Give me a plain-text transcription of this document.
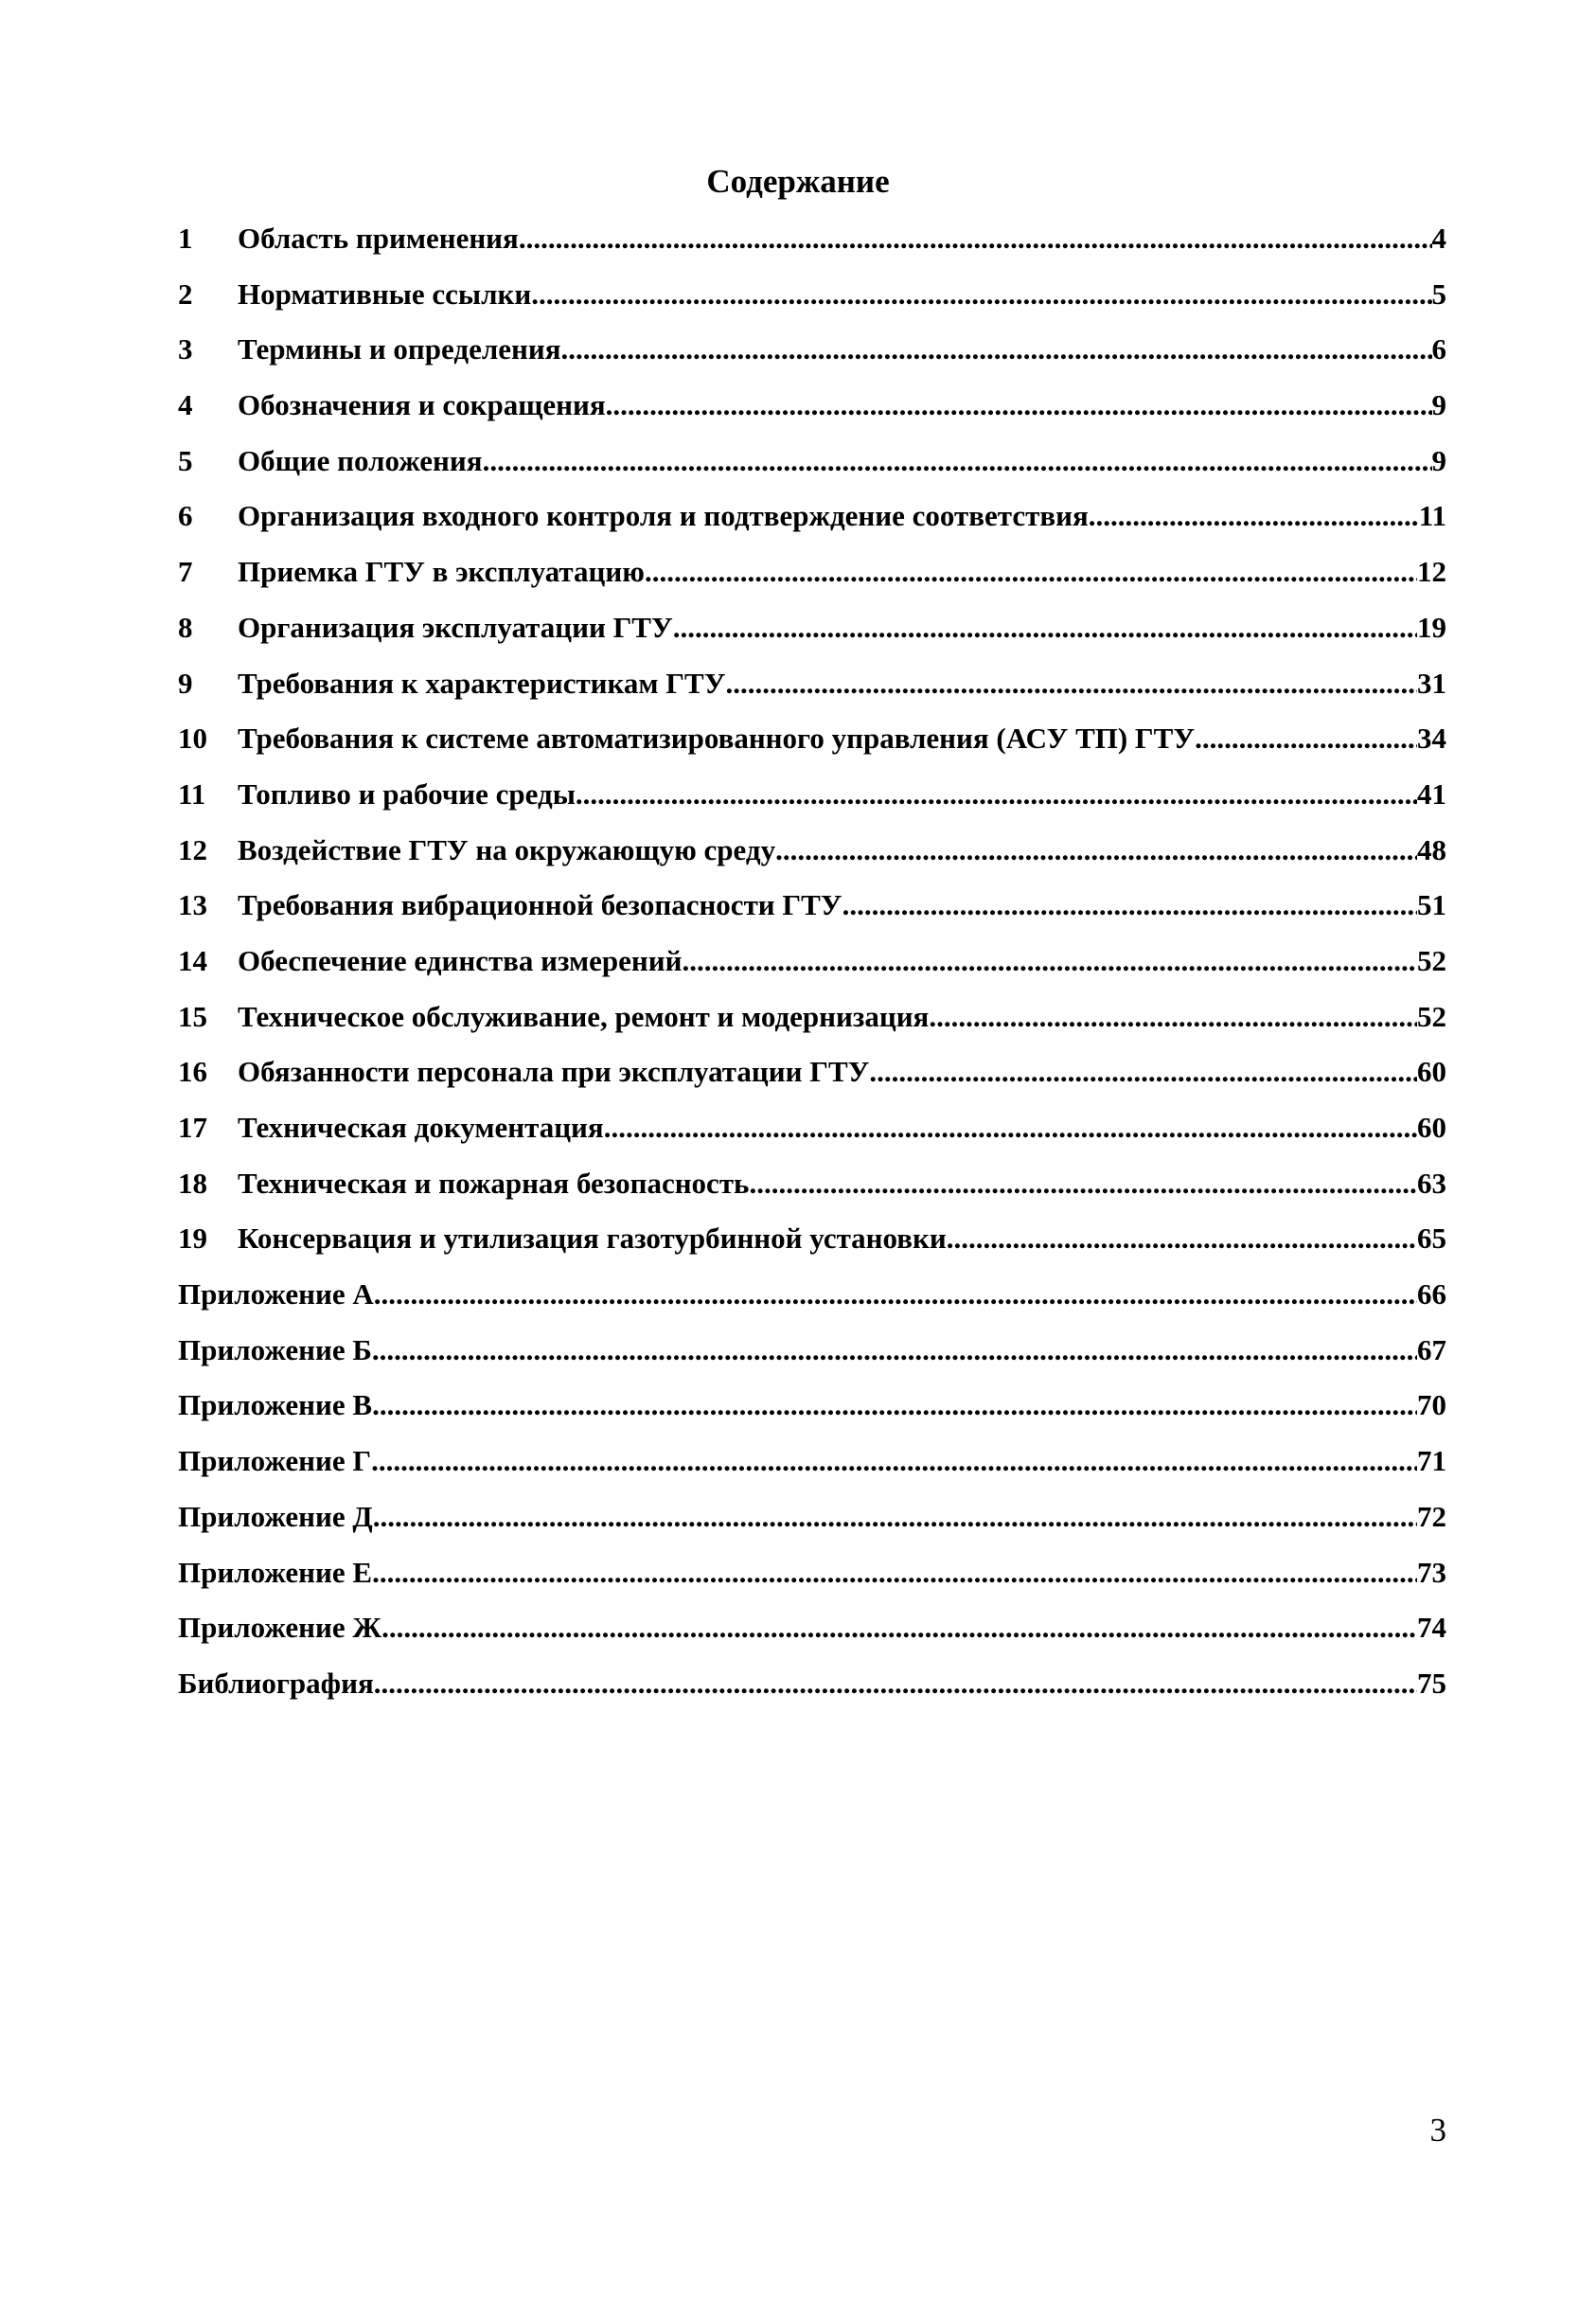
Содержание
1	Область применения .....	4
2	Нормативные ссылки .....	5
3	Термины и определения .....	6
4	Обозначения и сокращения .....	9
5	Общие положения .....	9
6	Организация входного контроля и подтверждение соответствия .....	11
7	Приемка ГТУ в эксплуатацию .....	12
8	Организация эксплуатации ГТУ .....	19
9	Требования к характеристикам ГТУ .....	31
10	Требования к системе автоматизированного управления (АСУ ТП) ГТУ .....	34
11	Топливо и рабочие среды .....	41
12	Воздействие ГТУ на окружающую среду .....	48
13	Требования вибрационной безопасности ГТУ .....	51
14	Обеспечение единства измерений .....	52
15	Техническое обслуживание, ремонт и модернизация .....	52
16	Обязанности персонала при эксплуатации ГТУ .....	60
17	Техническая документация .....	60
18	Техническая и пожарная безопасность .....	63
19	Консервация и утилизация газотурбинной установки .....	65
Приложение А .....	66
Приложение Б .....	67
Приложение В .....	70
Приложение Г .....	71
Приложение Д .....	72
Приложение Е .....	73
Приложение Ж .....	74
Библиография .....	75
3
